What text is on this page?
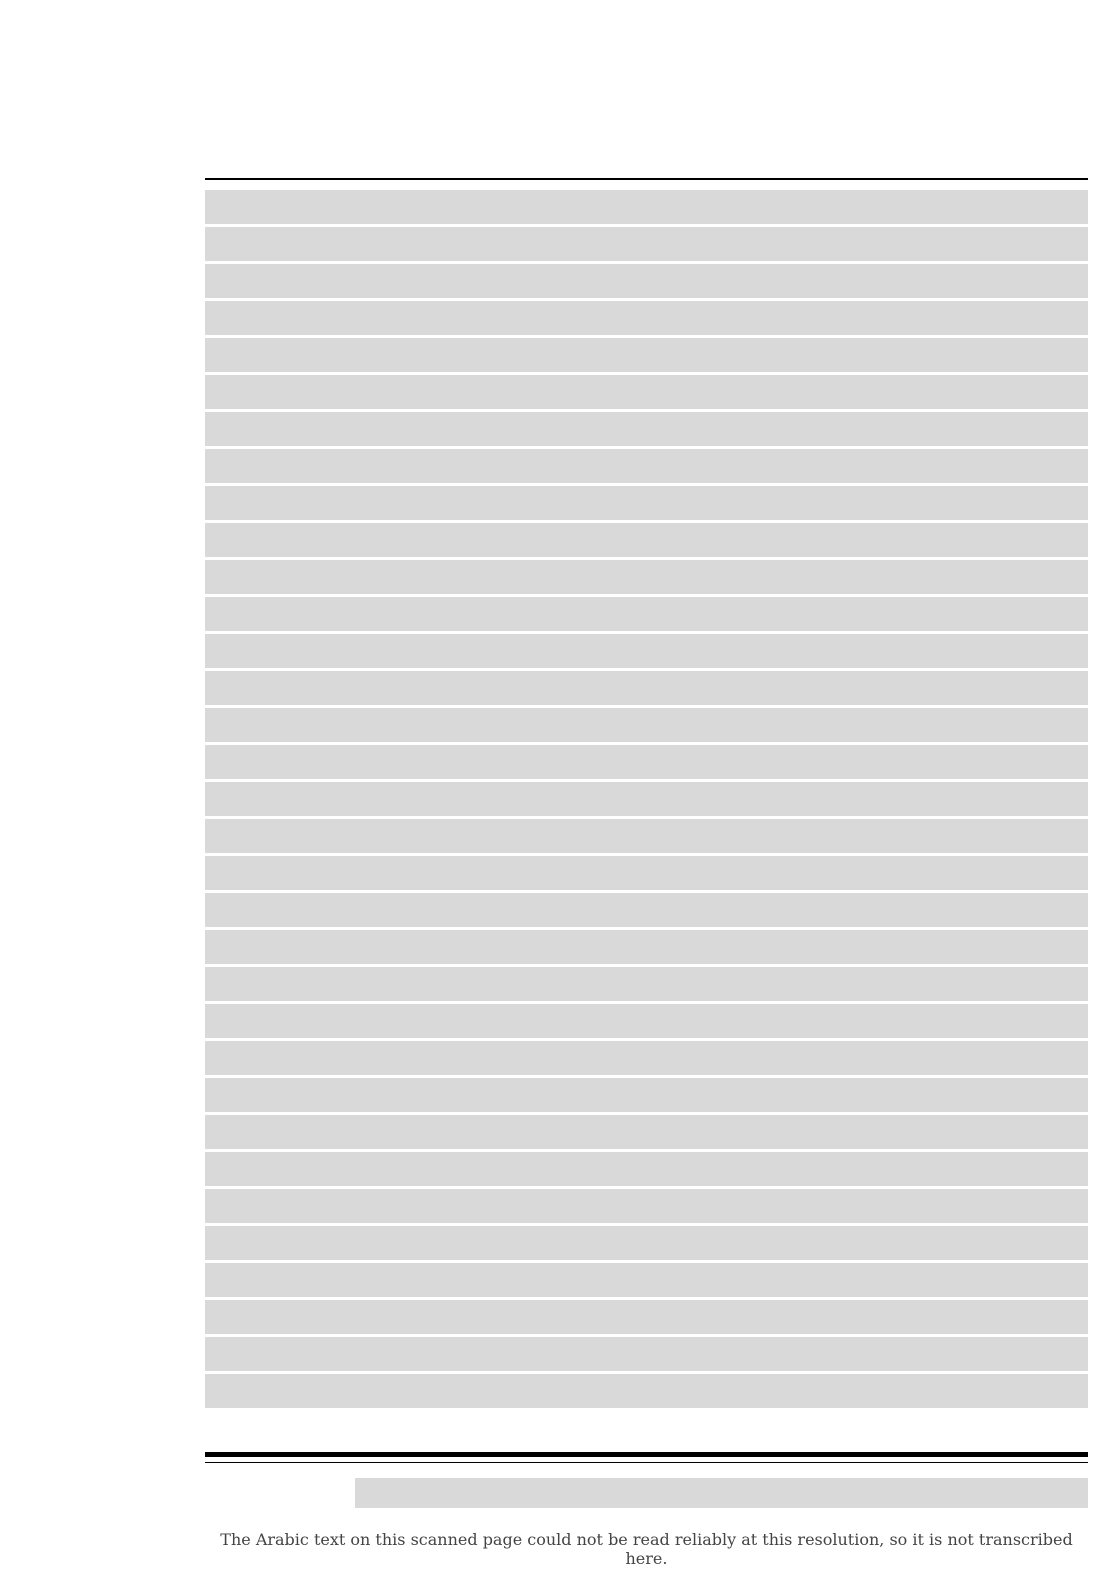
The Arabic text on this scanned page could not be read reliably at this resolution, so it is not transcribed here.
